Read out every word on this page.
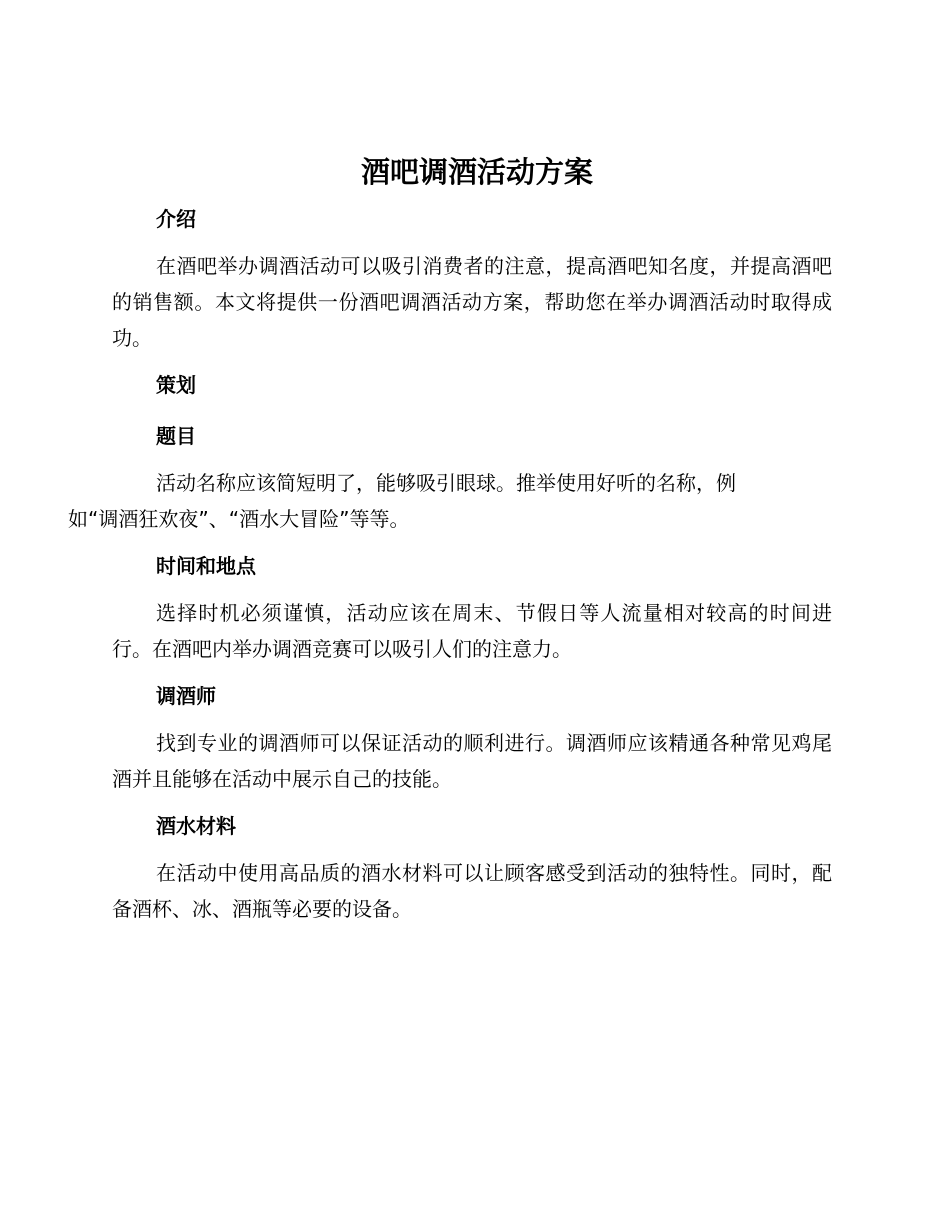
酒吧调酒活动方案
介绍

在酒吧举办调酒活动可以吸引消费者的注意，提高酒吧知名度，并提高酒吧的销售额。本文将提供一份酒吧调酒活动方案，帮助您在举办调酒活动时取得成功。

策划
题目

活动名称应该简短明了，能够吸引眼球。推举使用好听的名称，例
如“调酒狂欢夜”、“酒水大冒险”等等。

时间和地点

选择时机必须谨慎，活动应该在周末、节假日等人流量相对较高的时间进行。在酒吧内举办调酒竞赛可以吸引人们的注意力。

调酒师

找到专业的调酒师可以保证活动的顺利进行。调酒师应该精通各种常见鸡尾酒并且能够在活动中展示自己的技能。

酒水材料

在活动中使用高品质的酒水材料可以让顾客感受到活动的独特性。同时，配备酒杯、冰、酒瓶等必要的设备。
